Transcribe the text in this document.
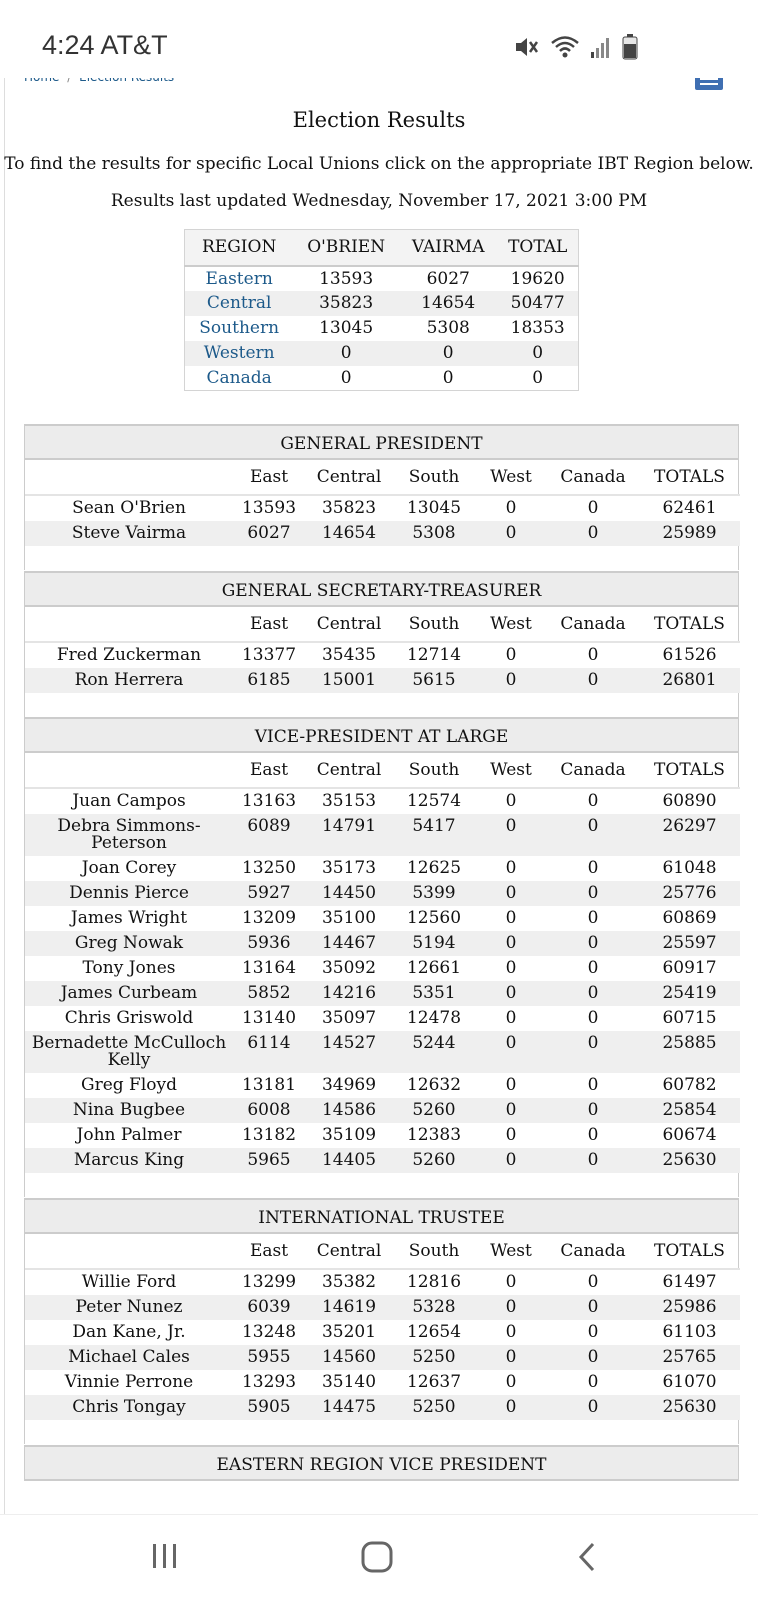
4:24 AT&T
Election Results
To find the results for specific Local Unions click on the appropriate IBT Region below.
Results last updated Wednesday, November 17, 2021 3:00 PM
REGION	O'BRIEN	VAIRMA	TOTAL
Eastern	13593	6027	19620
Central	35823	14654	50477
Southern	13045	5308	18353
Western	0	0	0
Canada	0	0	0
GENERAL PRESIDENT
	East	Central	South	West	Canada	TOTALS
Sean O'Brien	13593	35823	13045	0	0	62461
Steve Vairma	6027	14654	5308	0	0	25989
GENERAL SECRETARY-TREASURER
	East	Central	South	West	Canada	TOTALS
Fred Zuckerman	13377	35435	12714	0	0	61526
Ron Herrera	6185	15001	5615	0	0	26801
VICE-PRESIDENT AT LARGE
	East	Central	South	West	Canada	TOTALS
Juan Campos	13163	35153	12574	0	0	60890
Debra Simmons-Peterson	6089	14791	5417	0	0	26297
Joan Corey	13250	35173	12625	0	0	61048
Dennis Pierce	5927	14450	5399	0	0	25776
James Wright	13209	35100	12560	0	0	60869
Greg Nowak	5936	14467	5194	0	0	25597
Tony Jones	13164	35092	12661	0	0	60917
James Curbeam	5852	14216	5351	0	0	25419
Chris Griswold	13140	35097	12478	0	0	60715
Bernadette McCulloch Kelly	6114	14527	5244	0	0	25885
Greg Floyd	13181	34969	12632	0	0	60782
Nina Bugbee	6008	14586	5260	0	0	25854
John Palmer	13182	35109	12383	0	0	60674
Marcus King	5965	14405	5260	0	0	25630
INTERNATIONAL TRUSTEE
	East	Central	South	West	Canada	TOTALS
Willie Ford	13299	35382	12816	0	0	61497
Peter Nunez	6039	14619	5328	0	0	25986
Dan Kane, Jr.	13248	35201	12654	0	0	61103
Michael Cales	5955	14560	5250	0	0	25765
Vinnie Perrone	13293	35140	12637	0	0	61070
Chris Tongay	5905	14475	5250	0	0	25630
EASTERN REGION VICE PRESIDENT
